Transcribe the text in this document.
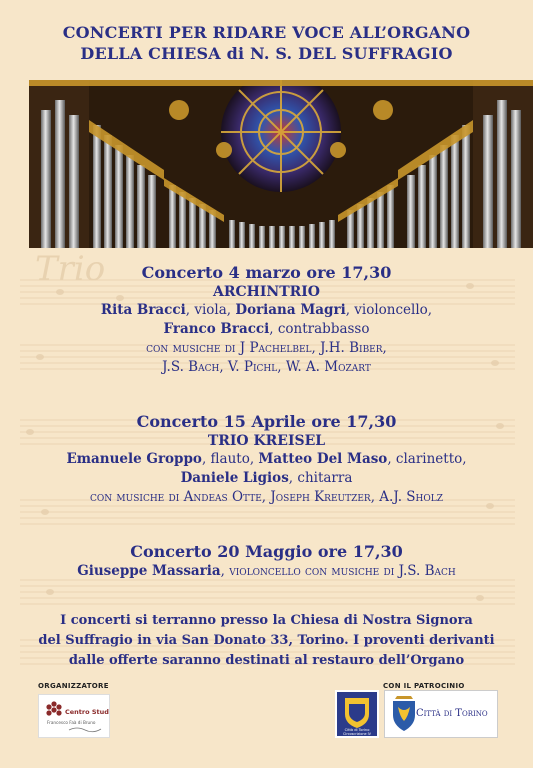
Trio
CONCERTI PER RIDARE VOCE ALL’ORGANO
DELLA CHIESA di N. S. DEL SUFFRAGIO
Concerto 4 marzo ore 17,30
ARCHINTRIO
Rita Bracci, viola, Doriana Magri, violoncello,
Franco Bracci, contrabbasso
con musiche di J Pachelbel, J.H. Biber,
J.S. Bach, V. Pichl, W. A. Mozart
Concerto 15 Aprile ore 17,30
TRIO KREISEL
Emanuele Groppo, flauto, Matteo Del Maso, clarinetto,
Daniele Ligios, chitarra
con musiche di Andeas Otte, Joseph Kreutzer, A.J. Sholz
Concerto 20 Maggio ore 17,30
Giuseppe Massaria, violoncello con musiche di J.S. Bach
I concerti si terranno presso la Chiesa di Nostra Signora
del Suffragio in via San Donato 33, Torino. I proventi derivanti
dalle offerte saranno destinati al restauro dell’Organo
ORGANIZZATORE
Centro Studi
Francesco Faà di Bruno
CON IL PATROCINIO
Città di Torino
Circoscrizione IV
Città di Torino
